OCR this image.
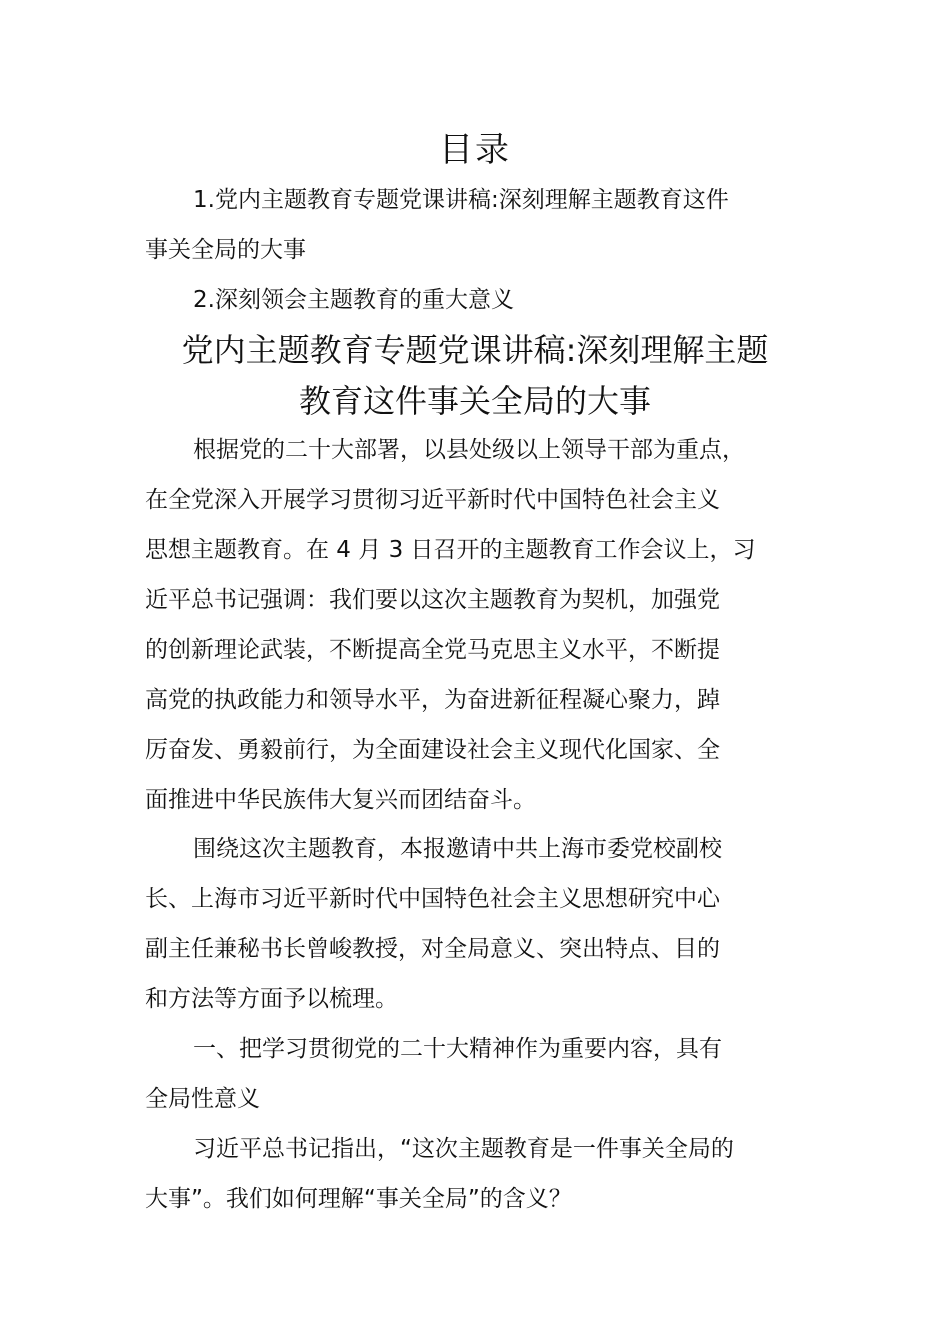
目录
1.党内主题教育专题党课讲稿:深刻理解主题教育这件
事关全局的大事
2.深刻领会主题教育的重大意义
党内主题教育专题党课讲稿:深刻理解主题
教育这件事关全局的大事
根据党的二十大部署，以县处级以上领导干部为重点，
在全党深入开展学习贯彻习近平新时代中国特色社会主义
思想主题教育。在 4 月 3 日召开的主题教育工作会议上，习
近平总书记强调：我们要以这次主题教育为契机，加强党
的创新理论武装，不断提高全党马克思主义水平，不断提
高党的执政能力和领导水平，为奋进新征程凝心聚力，踔
厉奋发、勇毅前行，为全面建设社会主义现代化国家、全
面推进中华民族伟大复兴而团结奋斗。
围绕这次主题教育，本报邀请中共上海市委党校副校
长、上海市习近平新时代中国特色社会主义思想研究中心
副主任兼秘书长曾峻教授，对全局意义、突出特点、目的
和方法等方面予以梳理。
一、把学习贯彻党的二十大精神作为重要内容，具有
全局性意义
习近平总书记指出，“这次主题教育是一件事关全局的
大事”。我们如何理解“事关全局”的含义？
